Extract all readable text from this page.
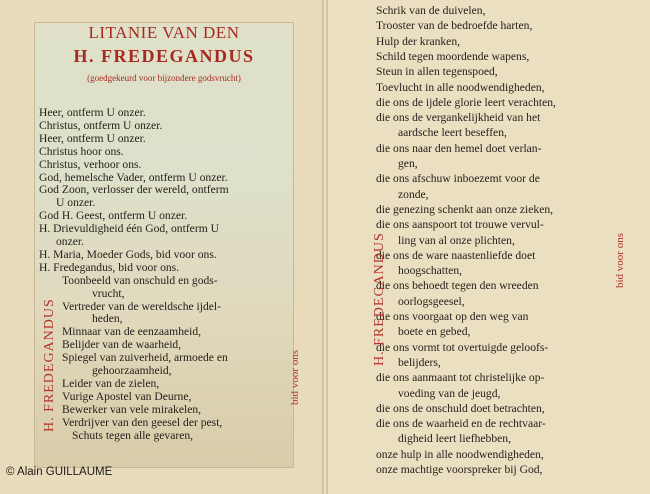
LITANIE VAN DEN
H. FREDEGANDUS
(goedgekeurd voor bijzondere godsvrucht)
Heer, ontferm U onzer.
Christus, ontferm U onzer.
Heer, ontferm U onzer.
Christus hoor ons.
Christus, verhoor ons.
God, hemelsche Vader, ontferm U onzer.
God Zoon, verlosser der wereld, ontferm
U onzer.
God H. Geest, ontferm U onzer.
H. Drievuldigheid één God, ontferm U
onzer.
H. Maria, Moeder Gods, bid voor ons.
H. Fredegandus, bid voor ons.
Toonbeeld van onschuld en gods-
vrucht,
Vertreder van de wereldsche ijdel-
heden,
Minnaar van de eenzaamheid,
Belijder van de waarheid,
Spiegel van zuiverheid, armoede en
gehoorzaamheid,
Leider van de zielen,
Vurige Apostel van Deurne,
Bewerker van vele mirakelen,
Verdrijver van den geesel der pest,
Schuts tegen alle gevaren,
H. FREDEGANDUS	bid voor ons
Schrik van de duivelen,
Trooster van de bedroefde harten,
Hulp der kranken,
Schild tegen moordende wapens,
Steun in allen tegenspoed,
Toevlucht in alle noodwendigheden,
die ons de ijdele glorie leert verachten,
die ons de vergankelijkheid van het
aardsche leert beseffen,
die ons naar den hemel doet verlan-
gen,
die ons afschuw inboezemt voor de
zonde,
die genezing schenkt aan onze zieken,
die ons aanspoort tot trouwe vervul-
ling van al onze plichten,
die ons de ware naastenliefde doet
hoogschatten,
die ons behoedt tegen den wreeden
oorlogsgeesel,
die ons voorgaat op den weg van
boete en gebed,
die ons vormt tot overtuigde geloofs-
belijders,
die ons aanmaant tot christelijke op-
voeding van de jeugd,
die ons de onschuld doet betrachten,
die ons de waarheid en de rechtvaar-
digheid leert liefhebben,
onze hulp in alle noodwendigheden,
onze machtige voorspreker bij God,
H. FREDEGANDUS	bid voor ons
© Alain GUILLAUME
